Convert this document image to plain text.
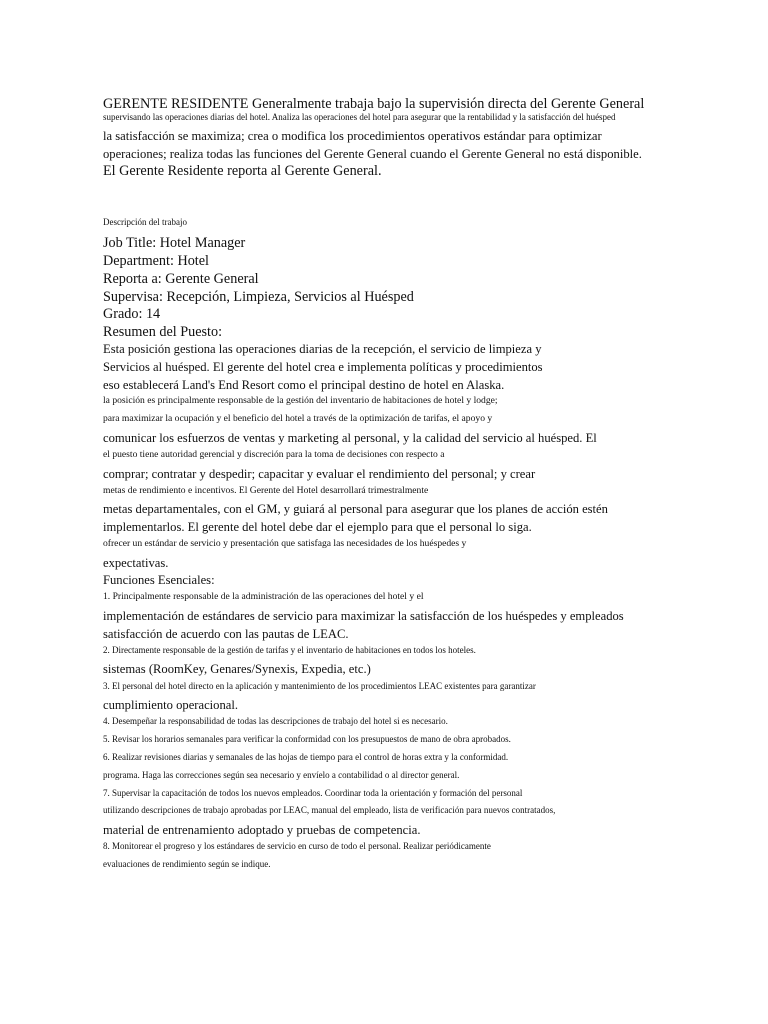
GERENTE RESIDENTE Generalmente trabaja bajo la supervisión directa del Gerente General
supervisando las operaciones diarias del hotel. Analiza las operaciones del hotel para asegurar que la rentabilidad y la satisfacción del huésped
la satisfacción se maximiza; crea o modifica los procedimientos operativos estándar para optimizar
operaciones; realiza todas las funciones del Gerente General cuando el Gerente General no está disponible.
El Gerente Residente reporta al Gerente General.
Descripción del trabajo
Job Title: Hotel Manager
Department: Hotel
Reporta a: Gerente General
Supervisa: Recepción, Limpieza, Servicios al Huésped
Grado: 14
Resumen del Puesto:
Esta posición gestiona las operaciones diarias de la recepción, el servicio de limpieza y
Servicios al huésped. El gerente del hotel crea e implementa políticas y procedimientos
eso establecerá Land's End Resort como el principal destino de hotel en Alaska.
la posición es principalmente responsable de la gestión del inventario de habitaciones de hotel y lodge;
para maximizar la ocupación y el beneficio del hotel a través de la optimización de tarifas, el apoyo y
comunicar los esfuerzos de ventas y marketing al personal, y la calidad del servicio al huésped. El
el puesto tiene autoridad gerencial y discreción para la toma de decisiones con respecto a
comprar; contratar y despedir; capacitar y evaluar el rendimiento del personal; y crear
metas de rendimiento e incentivos. El Gerente del Hotel desarrollará trimestralmente
metas departamentales, con el GM, y guiará al personal para asegurar que los planes de acción estén
implementarlos. El gerente del hotel debe dar el ejemplo para que el personal lo siga.
ofrecer un estándar de servicio y presentación que satisfaga las necesidades de los huéspedes y
expectativas.
Funciones Esenciales:
1. Principalmente responsable de la administración de las operaciones del hotel y el
implementación de estándares de servicio para maximizar la satisfacción de los huéspedes y empleados
satisfacción de acuerdo con las pautas de LEAC.
2. Directamente responsable de la gestión de tarifas y el inventario de habitaciones en todos los hoteles.
sistemas (RoomKey, Genares/Synexis, Expedia, etc.)
3. El personal del hotel directo en la aplicación y mantenimiento de los procedimientos LEAC existentes para garantizar
cumplimiento operacional.
4. Desempeñar la responsabilidad de todas las descripciones de trabajo del hotel si es necesario.
5. Revisar los horarios semanales para verificar la conformidad con los presupuestos de mano de obra aprobados.
6. Realizar revisiones diarias y semanales de las hojas de tiempo para el control de horas extra y la conformidad.
programa. Haga las correcciones según sea necesario y envíelo a contabilidad o al director general.
7. Supervisar la capacitación de todos los nuevos empleados. Coordinar toda la orientación y formación del personal
utilizando descripciones de trabajo aprobadas por LEAC, manual del empleado, lista de verificación para nuevos contratados,
material de entrenamiento adoptado y pruebas de competencia.
8. Monitorear el progreso y los estándares de servicio en curso de todo el personal. Realizar periódicamente
evaluaciones de rendimiento según se indique.
